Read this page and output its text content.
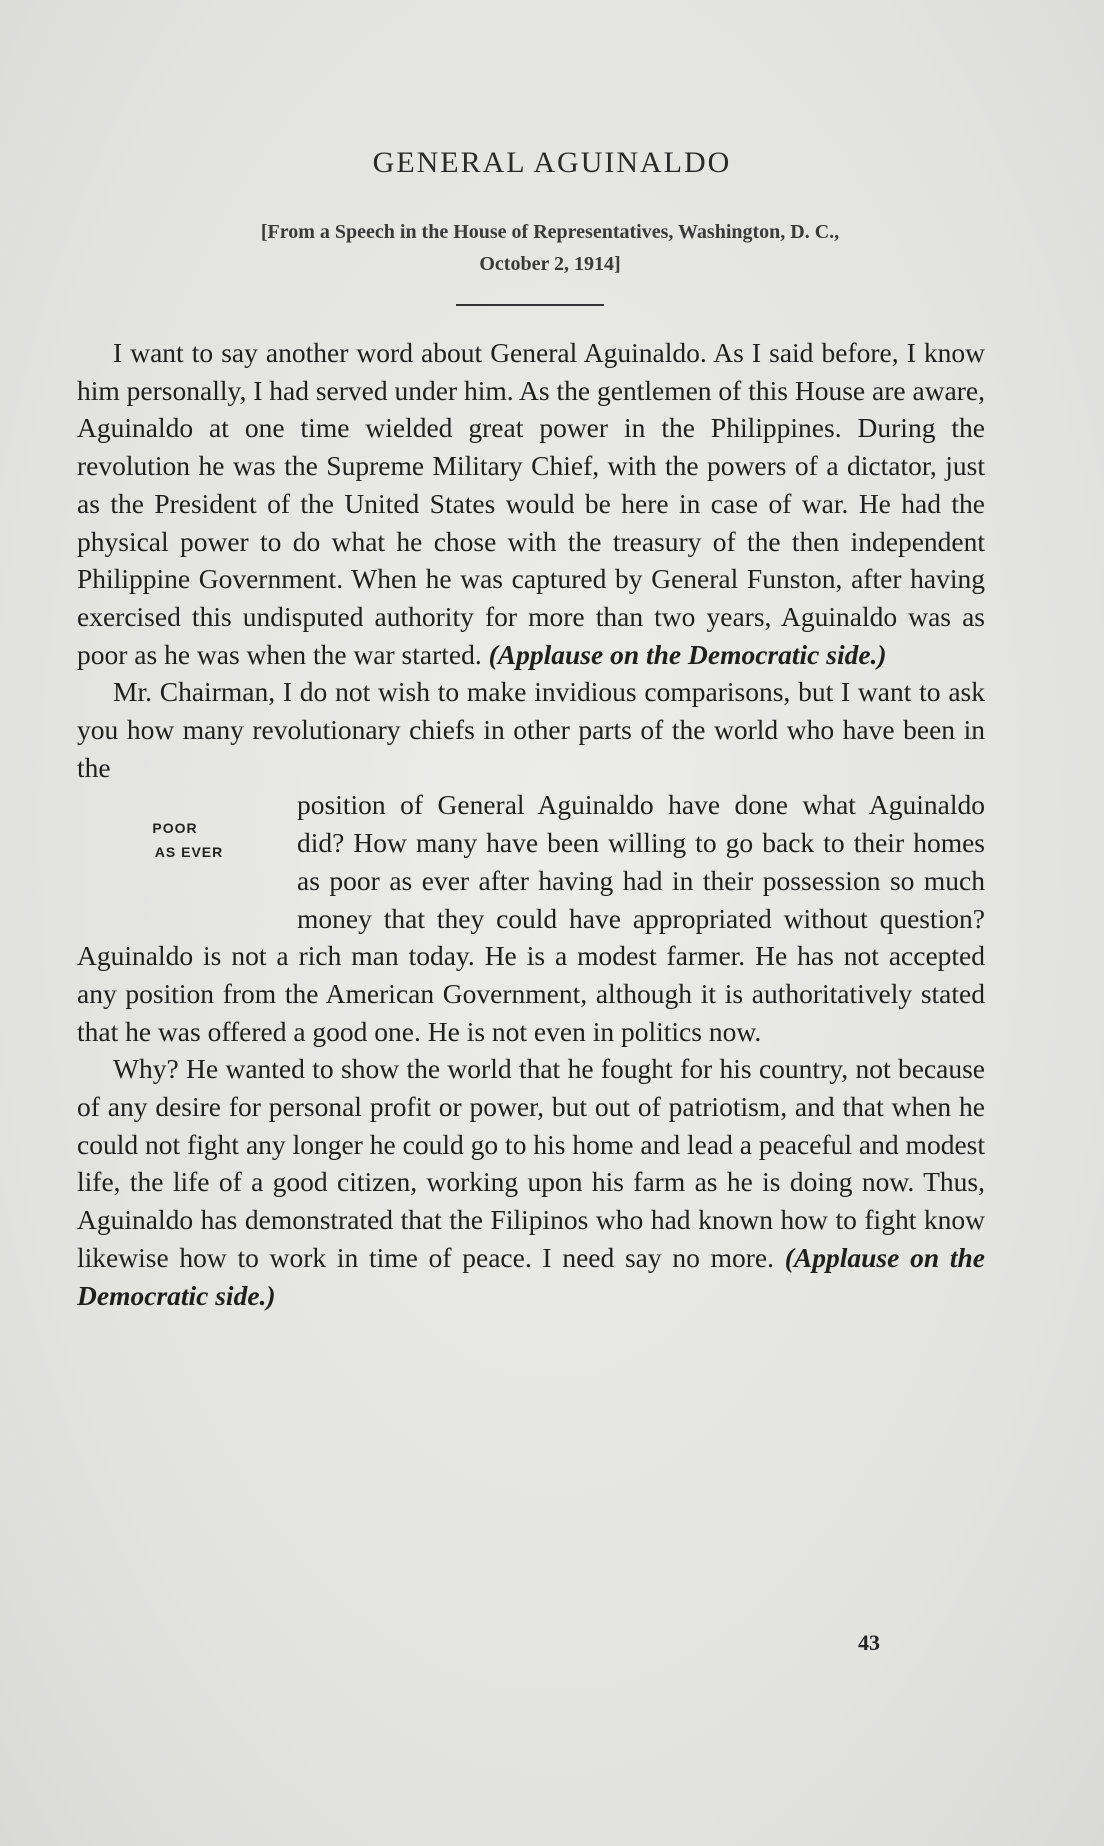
GENERAL AGUINALDO
[From a Speech in the House of Representatives, Washington, D. C.,
October 2, 1914]

I want to say another word about General Aguinaldo. As I said before, I know him personally, I had served under him. As the gentlemen of this House are aware, Aguinaldo at one time wielded great power in the Philippines. During the revolution he was the Supreme Military Chief, with the powers of a dictator, just as the President of the United States would be here in case of war. He had the physical power to do what he chose with the treasury of the then independent Philippine Government. When he was captured by General Funston, after having exercised this undisputed authority for more than two years, Aguinaldo was as poor as he was when the war started. (Applause on the Democratic side.)

Mr. Chairman, I do not wish to make invidious comparisons, but I want to ask you how many revolutionary chiefs in other parts of the world who have been in the

POOR
AS EVER
position of General Aguinaldo have done what Aguinaldo did? How many have been willing to go back to their homes as poor as ever after having had in their possession so much money that they could have appropriated without question? Aguinaldo is not a rich man today. He is a modest farmer. He has not accepted any position from the American Government, although it is authoritatively stated that he was offered a good one. He is not even in politics now.

Why? He wanted to show the world that he fought for his country, not because of any desire for personal profit or power, but out of patriotism, and that when he could not fight any longer he could go to his home and lead a peaceful and modest life, the life of a good citizen, working upon his farm as he is doing now. Thus, Aguinaldo has demonstrated that the Filipinos who had known how to fight know likewise how to work in time of peace. I need say no more. (Applause on the Democratic side.)

43
